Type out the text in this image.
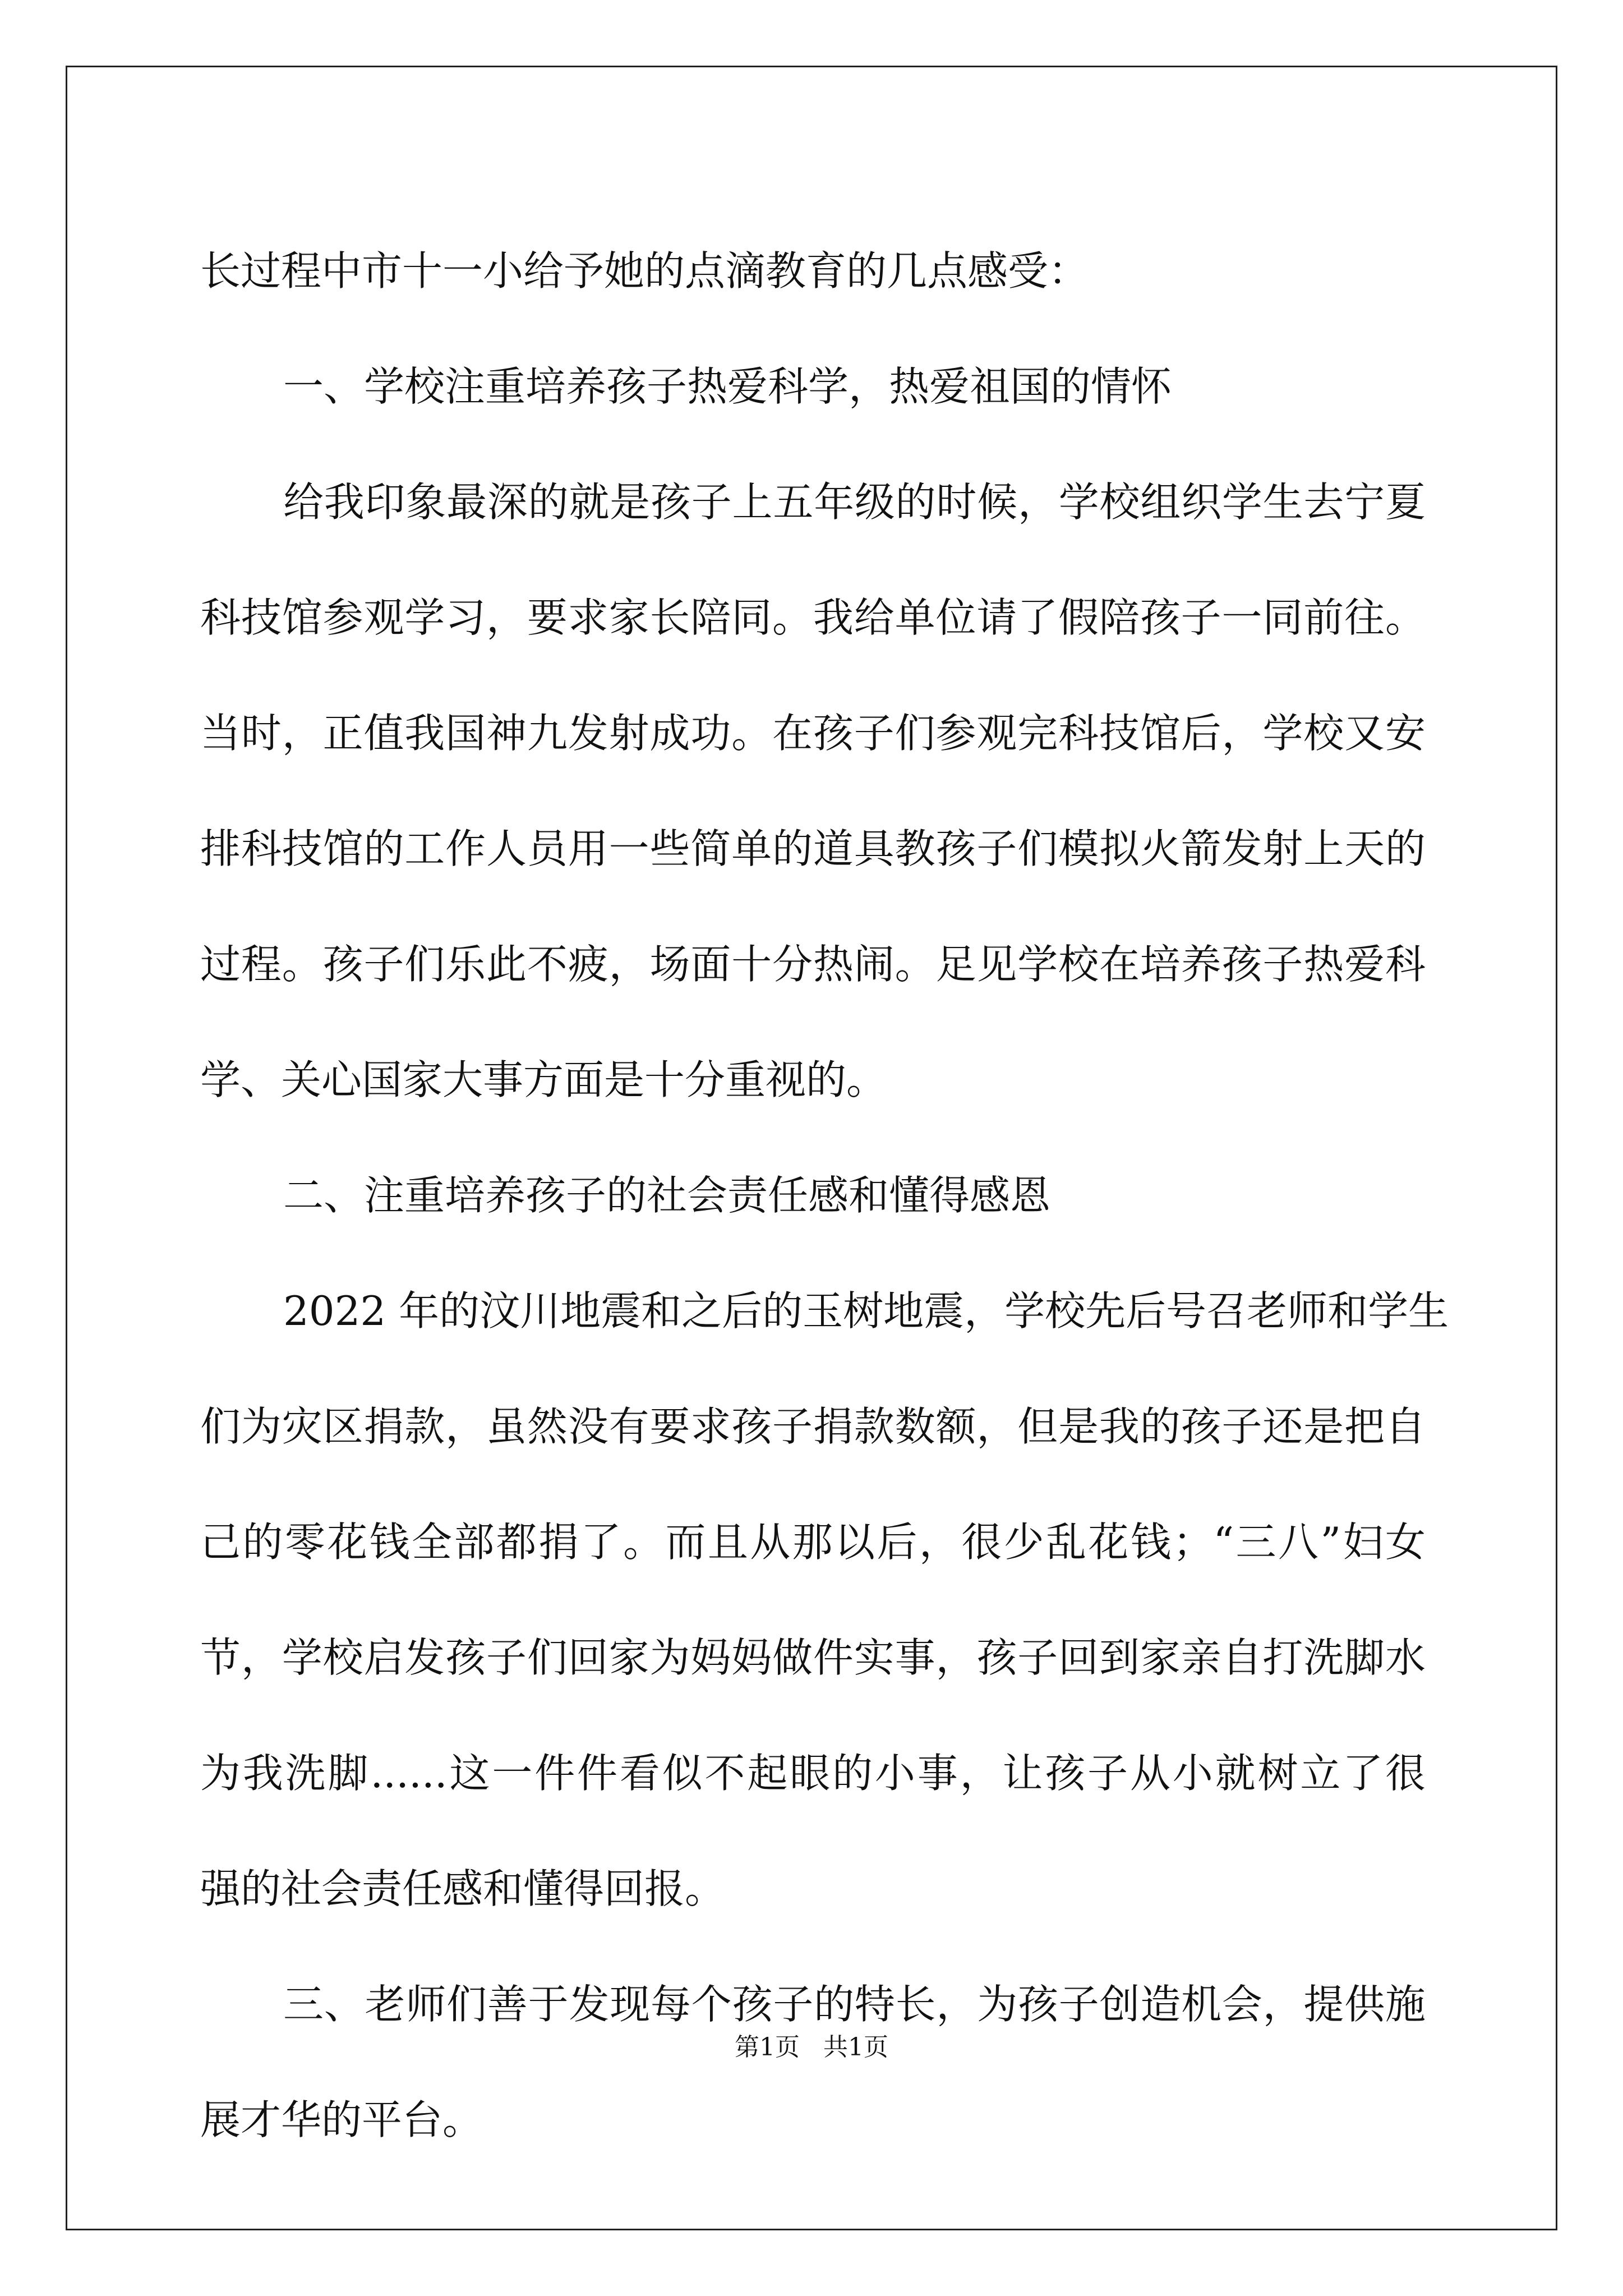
长过程中市十一小给予她的点滴教育的几点感受：
一、学校注重培养孩子热爱科学，热爱祖国的情怀
给我印象最深的就是孩子上五年级的时候，学校组织学生去宁夏
科技馆参观学习，要求家长陪同。我给单位请了假陪孩子一同前往。
当时，正值我国神九发射成功。在孩子们参观完科技馆后，学校又安
排科技馆的工作人员用一些简单的道具教孩子们模拟火箭发射上天的
过程。孩子们乐此不疲，场面十分热闹。足见学校在培养孩子热爱科
学、关心国家大事方面是十分重视的。
二、注重培养孩子的社会责任感和懂得感恩
2022 年的汶川地震和之后的玉树地震，学校先后号召老师和学生
们为灾区捐款，虽然没有要求孩子捐款数额，但是我的孩子还是把自
己的零花钱全部都捐了。而且从那以后，很少乱花钱；“三八”妇女
节，学校启发孩子们回家为妈妈做件实事，孩子回到家亲自打洗脚水
为我洗脚......这一件件看似不起眼的小事，让孩子从小就树立了很
强的社会责任感和懂得回报。
三、老师们善于发现每个孩子的特长，为孩子创造机会，提供施
展才华的平台。
第1页   共1页
